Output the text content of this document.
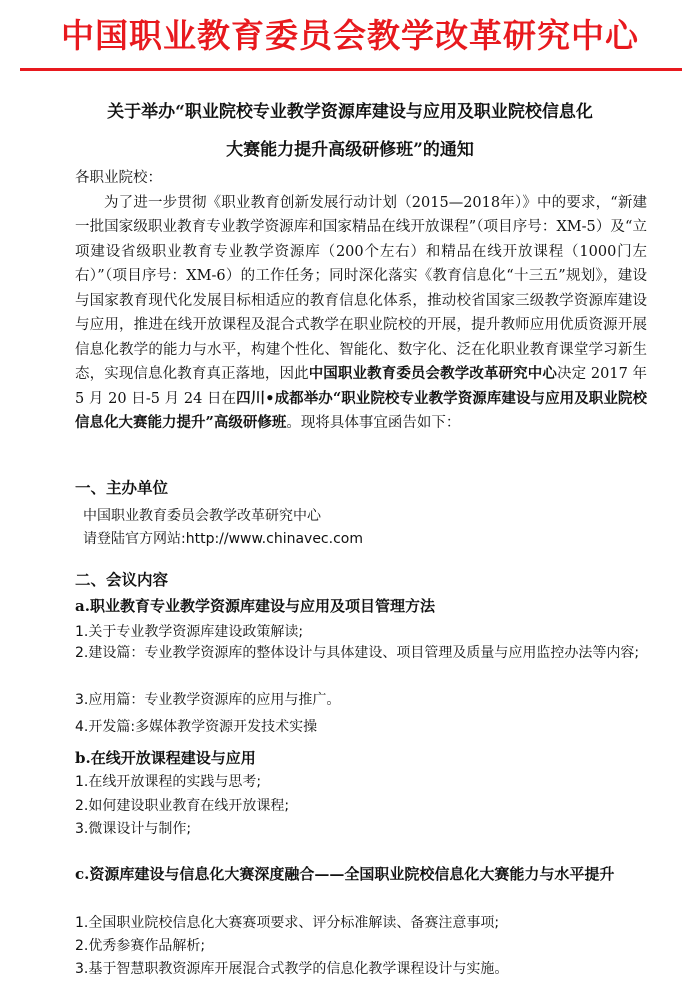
中国职业教育委员会教学改革研究中心
关于举办“职业院校专业教学资源库建设与应用及职业院校信息化
大赛能力提升高级研修班”的通知

各职业院校：

为了进一步贯彻《职业教育创新发展行动计划（2015—2018年）》中的要求，“新建一批国家级职业教育专业教学资源库和国家精品在线开放课程”（项目序号：XM-5）及“立项建设省级职业教育专业教学资源库（200个左右）和精品在线开放课程（1000门左右）”（项目序号：XM-6）的工作任务；同时深化落实《教育信息化“十三五”规划》，建设与国家教育现代化发展目标相适应的教育信息化体系，推动校省国家三级教学资源库建设与应用，推进在线开放课程及混合式教学在职业院校的开展，提升教师应用优质资源开展信息化教学的能力与水平，构建个性化、智能化、数字化、泛在化职业教育课堂学习新生态，实现信息化教育真正落地，因此中国职业教育委员会教学改革研究中心决定 2017 年 5 月 20 日-5 月 24 日在四川•成都举办“职业院校专业教学资源库建设与应用及职业院校信息化大赛能力提升”高级研修班。现将具体事宜函告如下：

一、主办单位

中国职业教育委员会教学改革研究中心

请登陆官方网站:http://www.chinavec.com

二、会议内容

a.职业教育专业教学资源库建设与应用及项目管理方法

1.关于专业教学资源库建设政策解读;

2.建设篇：专业教学资源库的整体设计与具体建设、项目管理及质量与应用监控办法等内容;

3.应用篇：专业教学资源库的应用与推广。

4.开发篇:多媒体教学资源开发技术实操

b.在线开放课程建设与应用

1.在线开放课程的实践与思考;

2.如何建设职业教育在线开放课程;

3.微课设计与制作;

c.资源库建设与信息化大赛深度融合——全国职业院校信息化大赛能力与水平提升

1.全国职业院校信息化大赛赛项要求、评分标准解读、备赛注意事项;

2.优秀参赛作品解析;

3.基于智慧职教资源库开展混合式教学的信息化教学课程设计与实施。
